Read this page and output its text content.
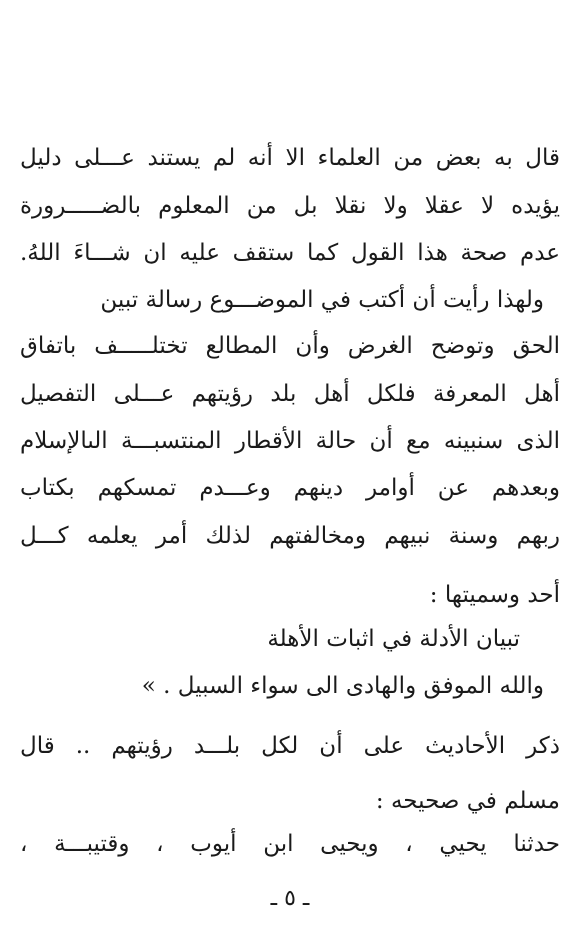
قال به بعض من العلماء الا أنه لم يستند عـــلى دليل
يؤيده لا عقلا ولا نقلا بل من المعلوم بالضـــــرورة
عدم صحة هذا القول كما ستقف عليه ان شـــاءَ اللهُ.
ولهذا رأيت أن أكتب في الموضـــوع رسالة تبين
الحق وتوضح الغرض وأن المطالع تختلـــــف باتفاق
أهل المعرفة فلكل أهل بلد رؤيتهم عـــلى التفصيل
الذى سنبينه مع أن حالة الأقطار المنتسبـــة الىالإسلام
وبعدهم عن أوامر دينهم وعـــدم تمسكهم بكتاب
ربهم وسنة نبيهم ومخالفتهم لذلك أمر يعلمه كـــل
أحد وسميتها :
تبيان الأدلة في اثبات الأهلة
والله الموفق والهادى الى سواء السبيل . »
ذكر الأحاديث على أن لكل بلـــد رؤيتهم .. قال
مسلم في صحيحه :
حدثنا يحيي ، ويحيى ابن أيوب ، وقتيبـــة ،
ـ ٥ ـ
